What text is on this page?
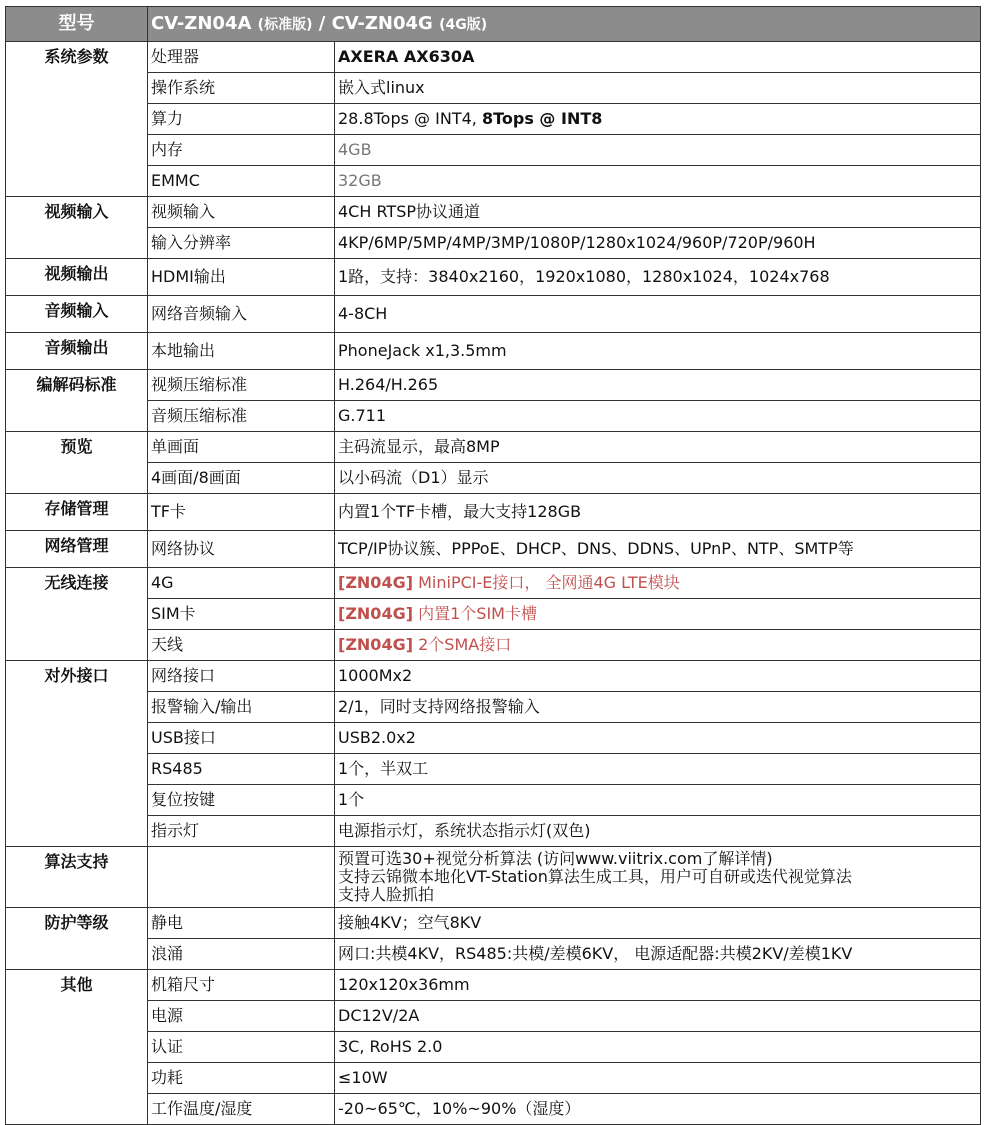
型号	CV-ZN04A (标准版) / CV-ZN04G (4G版)	
系统参数	处理器	AXERA AX630A
	操作系统	嵌入式linux
	算力	28.8Tops @ INT4, 8Tops @ INT8
	内存	4GB
	EMMC	32GB
视频输入	视频输入	4CH RTSP协议通道
	输入分辨率	4KP/6MP/5MP/4MP/3MP/1080P/1280x1024/960P/720P/960H
视频输出	HDMI输出	1路，支持：3840x2160，1920x1080，1280x1024，1024x768
音频输入	网络音频输入	4-8CH
音频输出	本地输出	PhoneJack x1,3.5mm
编解码标准	视频压缩标准	H.264/H.265
	音频压缩标准	G.711
预览	单画面	主码流显示，最高8MP
	4画面/8画面	以小码流（D1）显示
存储管理	TF卡	内置1个TF卡槽，最大支持128GB
网络管理	网络协议	TCP/IP协议簇、PPPoE、DHCP、DNS、DDNS、UPnP、NTP、SMTP等
无线连接	4G	[ZN04G] MiniPCI-E接口， 全网通4G LTE模块
	SIM卡	[ZN04G] 内置1个SIM卡槽
	天线	[ZN04G] 2个SMA接口
对外接口	网络接口	1000Mx2
	报警输入/输出	2/1，同时支持网络报警输入
	USB接口	USB2.0x2
	RS485	1个，半双工
	复位按键	1个
	指示灯	电源指示灯，系统状态指示灯(双色)
算法支持		预置可选30+视觉分析算法 (访问www.viitrix.com了解详情)
支持云锦微本地化VT-Station算法生成工具，用户可自研或迭代视觉算法
支持人脸抓拍

防护等级	静电	接触4KV；空气8KV
	浪涌	网口:共模4KV，RS485:共模/差模6KV， 电源适配器:共模2KV/差模1KV
其他	机箱尺寸	120x120x36mm
	电源	DC12V/2A
	认证	3C, RoHS 2.0
	功耗	≤10W
	工作温度/湿度	-20~65℃，10%~90%（湿度）
